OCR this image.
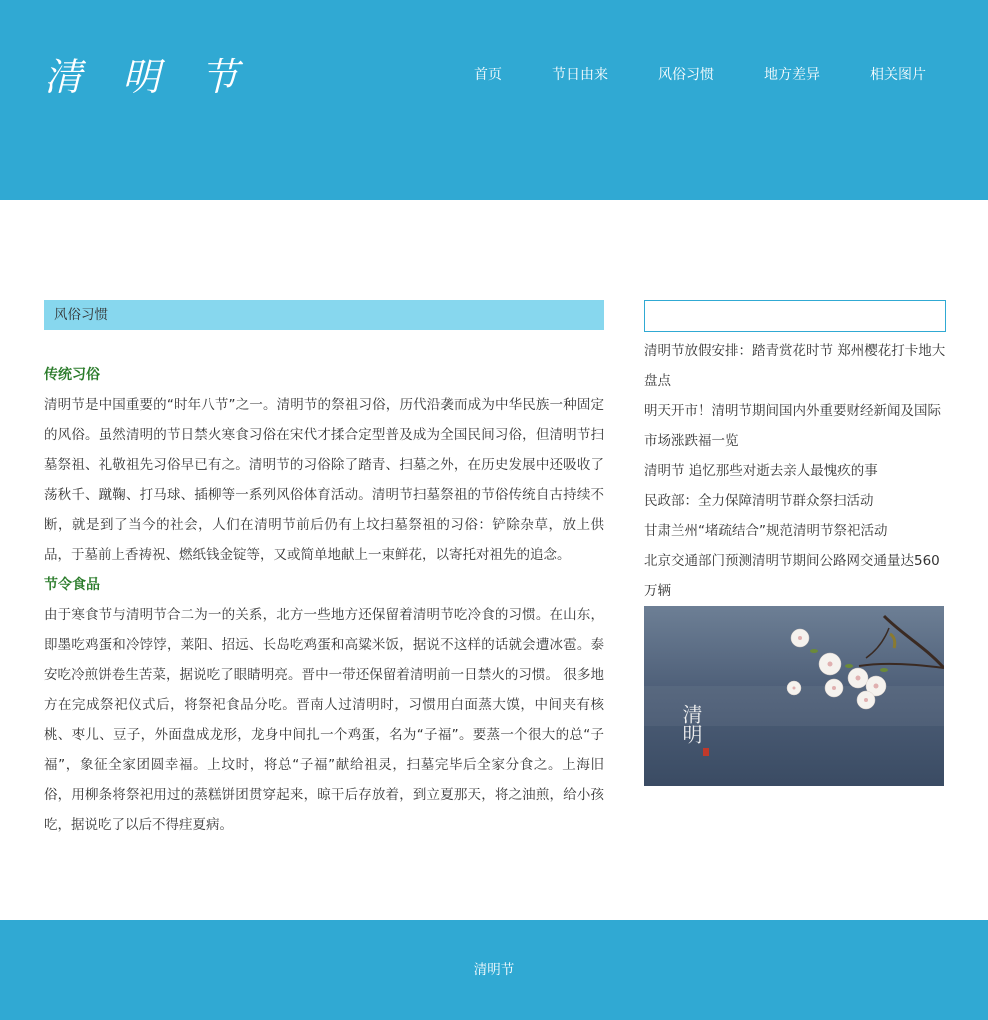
清 明 节	首页	节日由来	风俗习惯	地方差异	相关图片
风俗习惯
传统习俗

清明节是中国重要的“时年八节”之一。清明节的祭祖习俗，历代沿袭而成为中华民族一种固定的风俗。虽然清明的节日禁火寒食习俗在宋代才揉合定型普及成为全国民间习俗，但清明节扫墓祭祖、礼敬祖先习俗早已有之。清明节的习俗除了踏青、扫墓之外，在历史发展中还吸收了荡秋千、蹴鞠、打马球、插柳等一系列风俗体育活动。清明节扫墓祭祖的节俗传统自古持续不断，就是到了当今的社会，人们在清明节前后仍有上坟扫墓祭祖的习俗：铲除杂草，放上供品，于墓前上香祷祝、燃纸钱金锭等，又或简单地献上一束鲜花，以寄托对祖先的追念。

节令食品

由于寒食节与清明节合二为一的关系，北方一些地方还保留着清明节吃冷食的习惯。在山东，即墨吃鸡蛋和冷饽饽，莱阳、招远、长岛吃鸡蛋和高粱米饭，据说不这样的话就会遭冰雹。泰安吃冷煎饼卷生苦菜，据说吃了眼睛明亮。晋中一带还保留着清明前一日禁火的习惯。 很多地方在完成祭祀仪式后，将祭祀食品分吃。晋南人过清明时，习惯用白面蒸大馍，中间夹有核桃、枣儿、豆子，外面盘成龙形，龙身中间扎一个鸡蛋，名为“子福”。要蒸一个很大的总“子福”，象征全家团圆幸福。上坟时，将总“子福”献给祖灵，扫墓完毕后全家分食之。上海旧俗，用柳条将祭祀用过的蒸糕饼团贯穿起来，晾干后存放着，到立夏那天，将之油煎，给小孩吃，据说吃了以后不得疰夏病。

清明节放假安排：踏青赏花时节 郑州樱花打卡地大盘点
明天开市！清明节期间国内外重要财经新闻及国际市场涨跌福一览
清明节 追忆那些对逝去亲人最愧疚的事
民政部：全力保障清明节群众祭扫活动
甘肃兰州“堵疏结合”规范清明节祭祀活动
北京交通部门预测清明节期间公路网交通量达560万辆
清明
清明节
